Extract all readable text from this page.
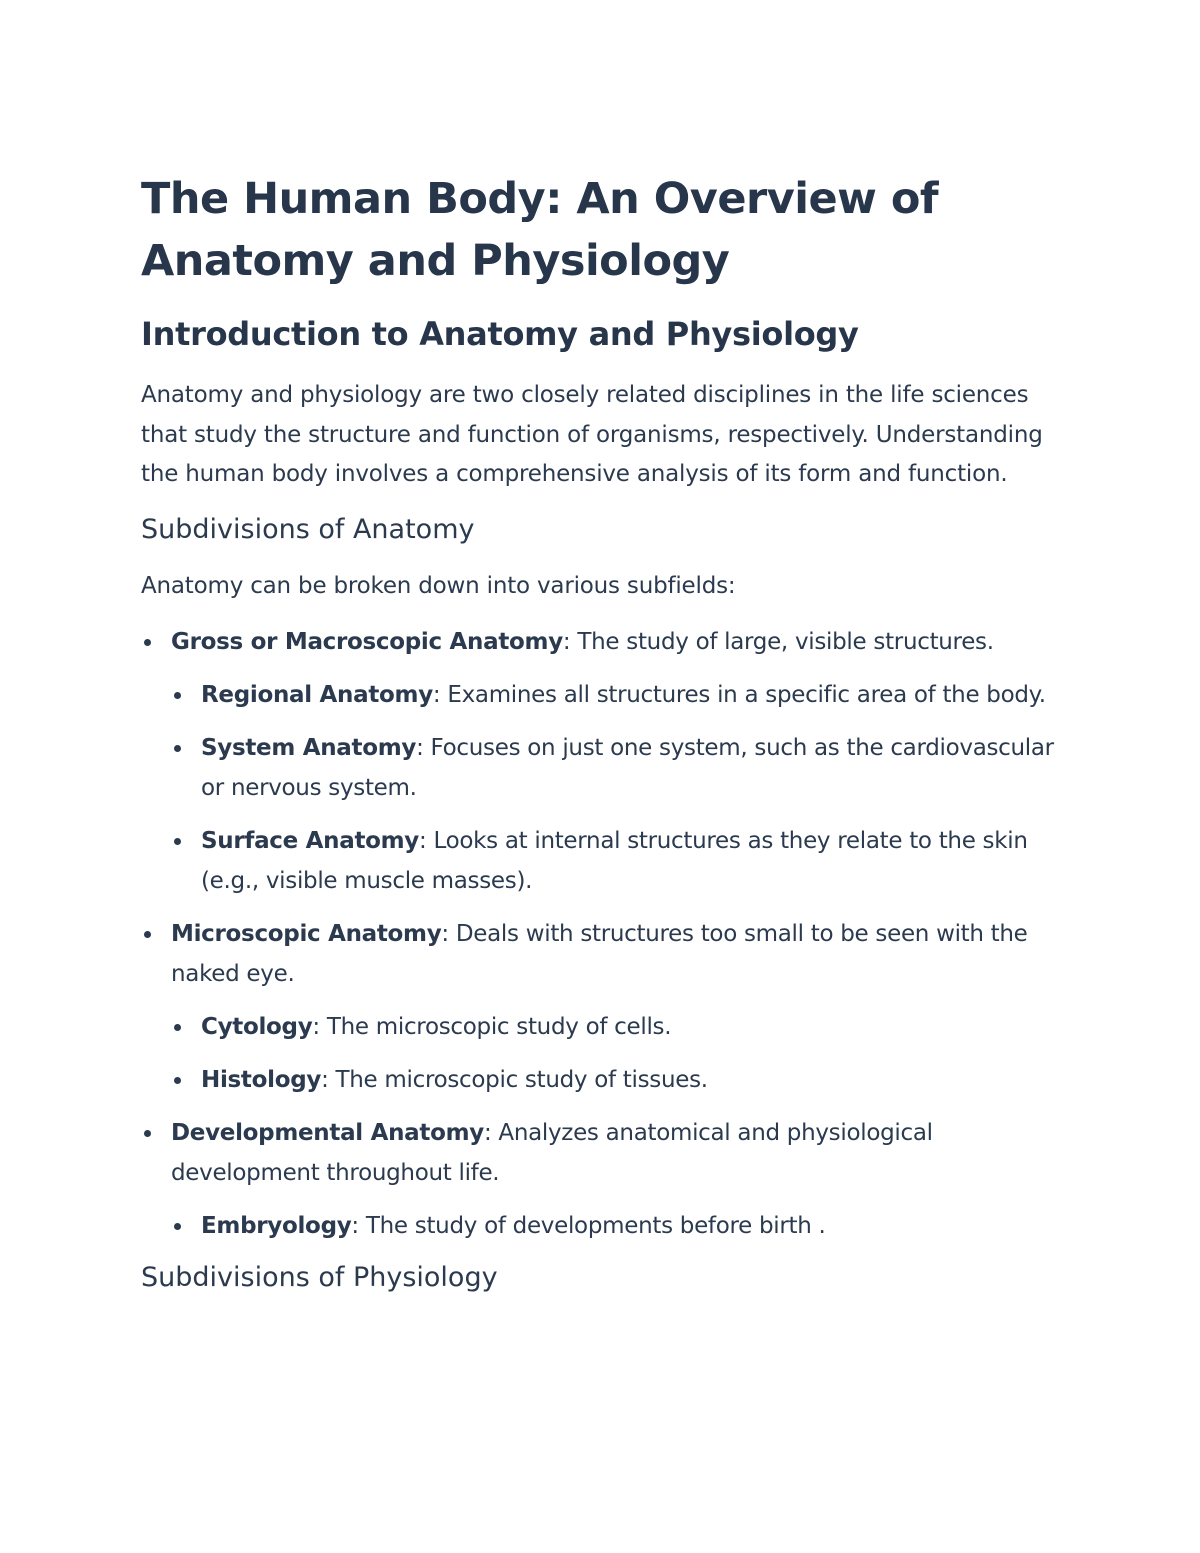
The Human Body: An Overview of Anatomy and Physiology
Introduction to Anatomy and Physiology

Anatomy and physiology are two closely related disciplines in the life sciences that study the structure and function of organisms, respectively. Understanding the human body involves a comprehensive analysis of its form and function.

Subdivisions of Anatomy

Anatomy can be broken down into various subfields:

Gross or Macroscopic Anatomy: The study of large, visible structures.
Regional Anatomy: Examines all structures in a specific area of the body.
System Anatomy: Focuses on just one system, such as the cardiovascular or nervous system.
Surface Anatomy: Looks at internal structures as they relate to the skin (e.g., visible muscle masses).
Microscopic Anatomy: Deals with structures too small to be seen with the naked eye.
Cytology: The microscopic study of cells.
Histology: The microscopic study of tissues.
Developmental Anatomy: Analyzes anatomical and physiological development throughout life.
Embryology: The study of developments before birth .
Subdivisions of Physiology
